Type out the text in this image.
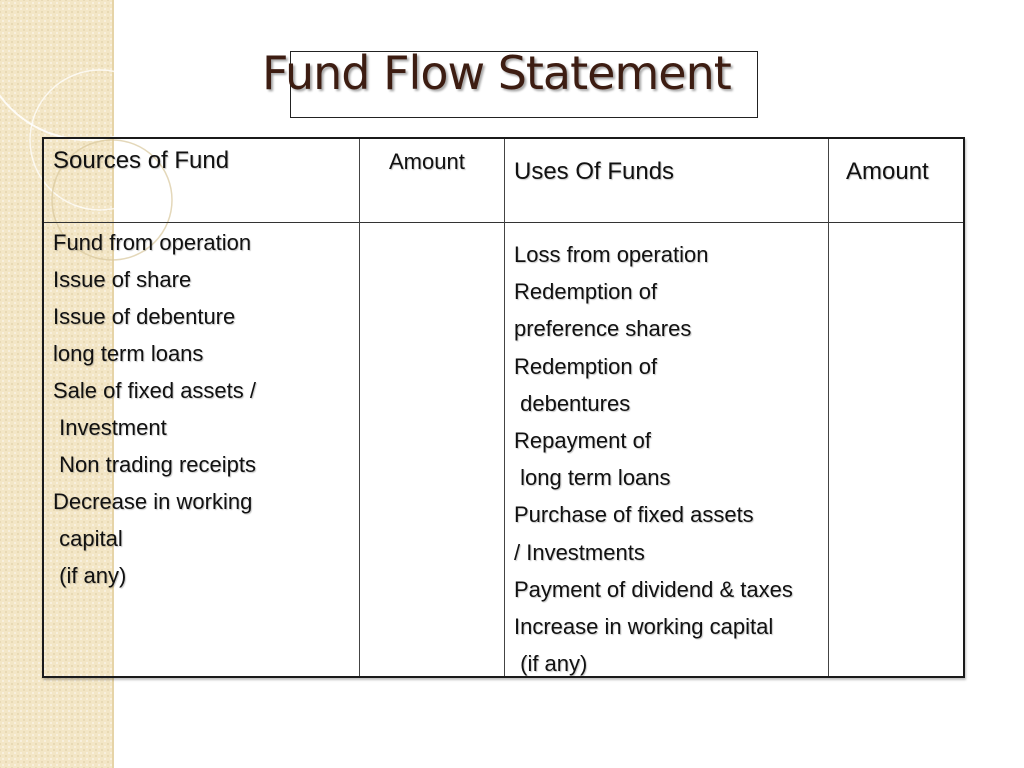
Fund Flow Statement
Sources of Fund	Amount Uses Of Funds	Amount
Fund from operation
Issue of share
Issue of debenture
long term loans
Sale of fixed assets /
Investment
Non trading receipts
Decrease in working
capital
(if any)
Loss from operation
Redemption of
preference shares
Redemption of
debentures
Repayment of
long term loans
Purchase of fixed assets
/ Investments
Payment of dividend & taxes
Increase in working capital
(if any)
